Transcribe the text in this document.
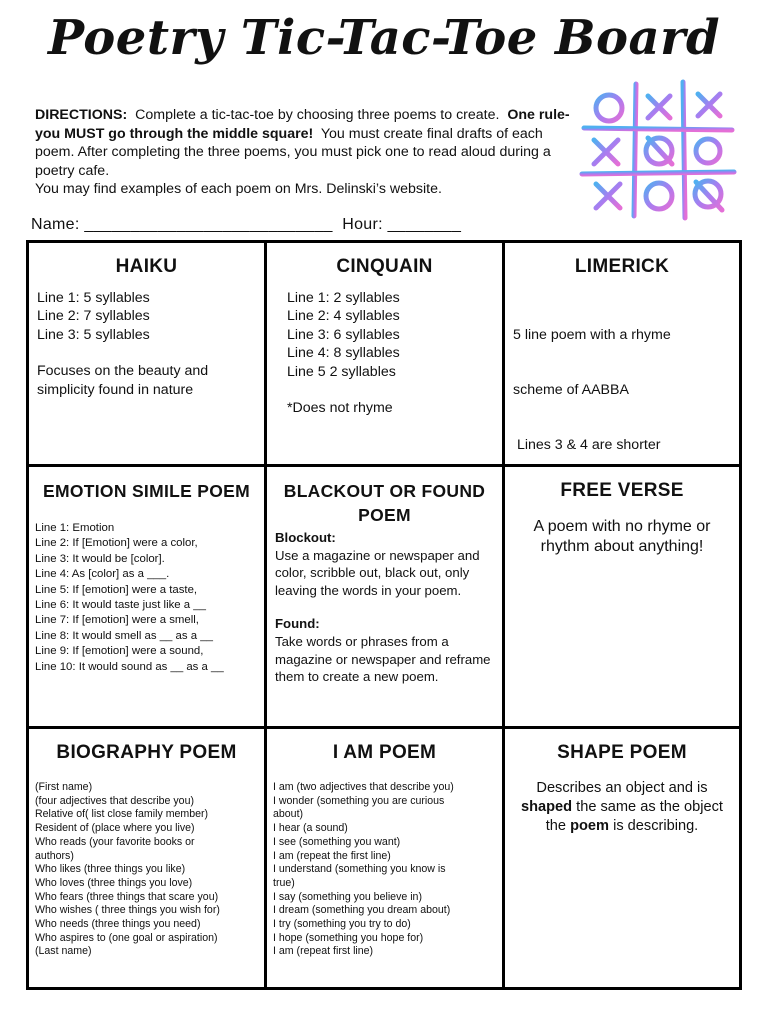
Poetry Tic-Tac-Toe Board
DIRECTIONS: Complete a tic-tac-toe by choosing three poems to create. One rule- you MUST go through the middle square! You must create final drafts of each poem. After completing the three poems, you must pick one to read aloud during a poetry cafe.
You may find examples of each poem on Mrs. Delinski’s website.
Name: ___________________________ Hour: ________
HAIKU
Line 1: 5 syllables
Line 2: 7 syllables
Line 3: 5 syllables
Focuses on the beauty and simplicity found in nature
CINQUAIN
Line 1: 2 syllables
Line 2: 4 syllables
Line 3: 6 syllables
Line 4: 8 syllables
Line 5 2 syllables
*Does not rhyme
LIMERICK

5 line poem with a rhyme

scheme of AABBA

Lines 3 & 4 are shorter

EMOTION SIMILE POEM
Line 1: Emotion
Line 2: If [Emotion] were a color,
Line 3: It would be [color].
Line 4: As [color] as a ___.
Line 5: If [emotion] were a taste,
Line 6: It would taste just like a __
Line 7: If [emotion] were a smell,
Line 8: It would smell as __ as a __
Line 9: If [emotion] were a sound,
Line 10: It would sound as __ as a __
BLACKOUT OR FOUND POEM
Blockout:
Use a magazine or newspaper and color, scribble out, black out, only leaving the words in your poem.
Found:
Take words or phrases from a magazine or newspaper and reframe them to create a new poem.
FREE VERSE
A poem with no rhyme or rhythm about anything!
BIOGRAPHY POEM
(First name)
(four adjectives that describe you)
Relative of( list close family member)
Resident of (place where you live)
Who reads (your favorite books or
authors)
Who likes (three things you like)
Who loves (three things you love)
Who fears (three things that scare you)
Who wishes ( three things you wish for)
Who needs (three things you need)
Who aspires to (one goal or aspiration)
(Last name)
I AM POEM
I am (two adjectives that describe you)
I wonder (something you are curious
about)
I hear (a sound)
I see (something you want)
I am (repeat the first line)
I understand (something you know is
true)
I say (something you believe in)
I dream (something you dream about)
I try (something you try to do)
I hope (something you hope for)
I am (repeat first line)
SHAPE POEM
Describes an object and is shaped the same as the object the poem is describing.
